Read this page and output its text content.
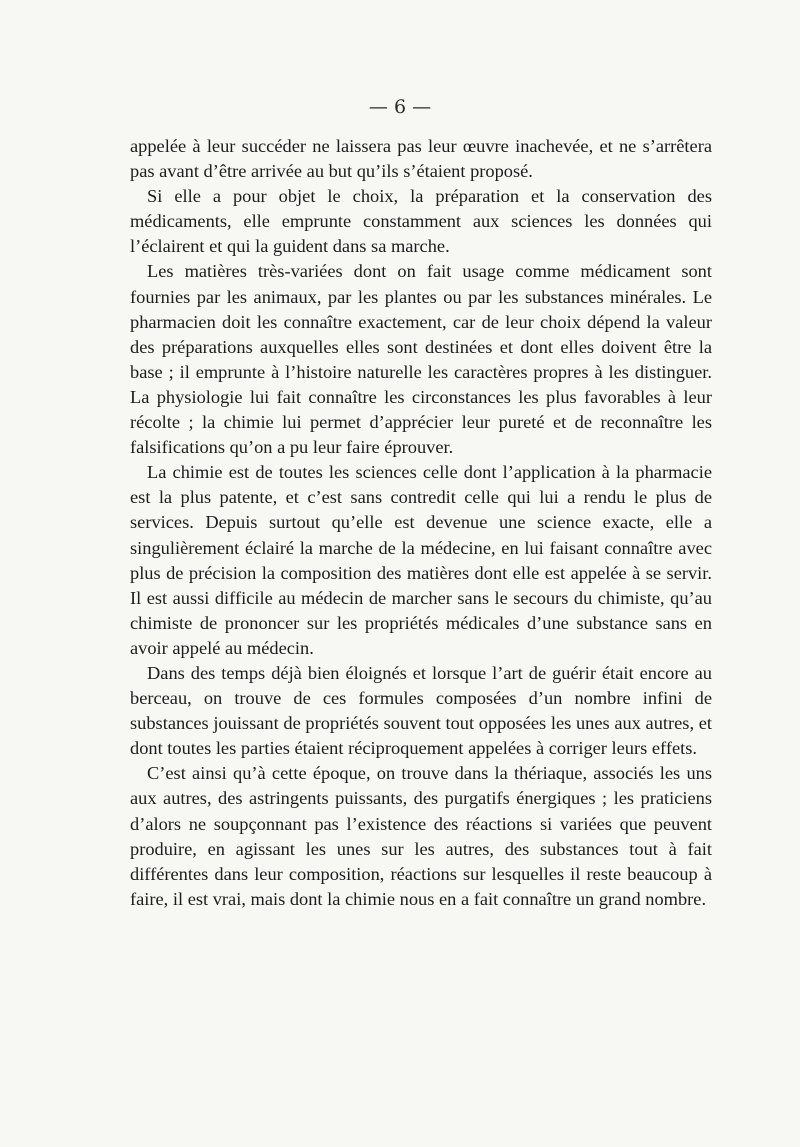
— 6 —

appelée à leur succéder ne laissera pas leur œuvre inachevée, et ne s’arrêtera pas avant d’être arrivée au but qu’ils s’étaient proposé.

Si elle a pour objet le choix, la préparation et la conservation des médicaments, elle emprunte constamment aux sciences les données qui l’éclairent et qui la guident dans sa marche.

Les matières très-variées dont on fait usage comme médicament sont fournies par les animaux, par les plantes ou par les substances minérales. Le pharmacien doit les connaître exactement, car de leur choix dépend la valeur des préparations auxquelles elles sont destinées et dont elles doivent être la base ; il emprunte à l’histoire naturelle les caractères propres à les distinguer. La physiologie lui fait connaître les circonstances les plus favorables à leur récolte ; la chimie lui permet d’apprécier leur pureté et de reconnaître les falsifications qu’on a pu leur faire éprouver.

La chimie est de toutes les sciences celle dont l’application à la pharmacie est la plus patente, et c’est sans contredit celle qui lui a rendu le plus de services. Depuis surtout qu’elle est devenue une science exacte, elle a singulièrement éclairé la marche de la médecine, en lui faisant connaître avec plus de précision la composition des matières dont elle est appelée à se servir. Il est aussi difficile au médecin de marcher sans le secours du chimiste, qu’au chimiste de prononcer sur les propriétés médicales d’une substance sans en avoir appelé au médecin.

Dans des temps déjà bien éloignés et lorsque l’art de guérir était encore au berceau, on trouve de ces formules composées d’un nombre infini de substances jouissant de propriétés souvent tout opposées les unes aux autres, et dont toutes les parties étaient réciproquement appelées à corriger leurs effets.

C’est ainsi qu’à cette époque, on trouve dans la thériaque, associés les uns aux autres, des astringents puissants, des purgatifs énergiques ; les praticiens d’alors ne soupçonnant pas l’existence des réactions si variées que peuvent produire, en agissant les unes sur les autres, des substances tout à fait différentes dans leur composition, réactions sur lesquelles il reste beaucoup à faire, il est vrai, mais dont la chimie nous en a fait connaître un grand nombre.
